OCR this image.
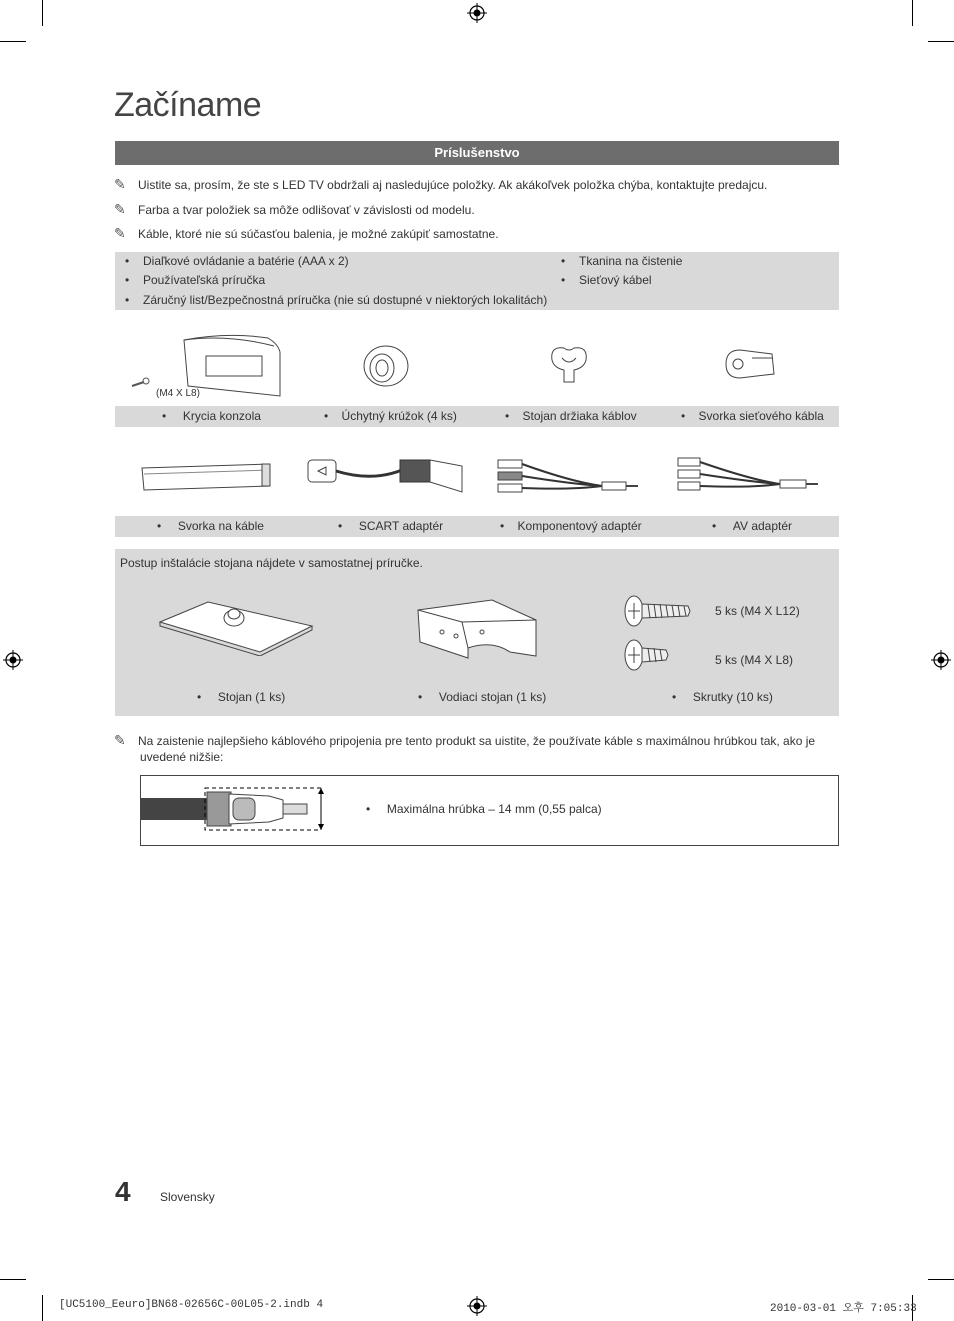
Začíname
Príslušenstvo
✎ Uistite sa, prosím, že ste s LED TV obdržali aj nasledujúce položky. Ak akákoľvek položka chýba, kontaktujte predajcu.
✎ Farba a tvar položiek sa môže odlišovať v závislosti od modelu.
✎ Káble, ktoré nie sú súčasťou balenia, je možné zakúpiť samostatne.
• Diaľkové ovládanie a batérie (AAA x 2)
• Používateľská príručka
• Záručný list/Bezpečnostná príručka (nie sú dostupné v niektorých lokalitách)
• Tkanina na čistenie
• Sieťový kábel
(M4 X L8)
•     Krycia konzola	•    Úchytný krúžok (4 ks)	•    Stojan držiaka káblov	•    Svorka sieťového kábla
•     Svorka na káble	•     SCART adaptér	•    Komponentový adaptér	•     AV adaptér
Postup inštalácie stojana nájdete v samostatnej príručke.
5 ks (M4 X L12)
5 ks (M4 X L8)
•     Stojan (1 ks)	•     Vodiaci stojan (1 ks)	•     Skrutky (10 ks)
✎ Na zaistenie najlepšieho káblového pripojenia pre tento produkt sa uistite, že používate káble s maximálnou hrúbkou tak, ako je
uvedené nižšie:
•     Maximálna hrúbka – 14 mm (0,55 palca)
4 Slovensky
[UC5100_Eeuro]BN68-02656C-00L05-2.indb 4	2010-03-01 오후 7:05:33
